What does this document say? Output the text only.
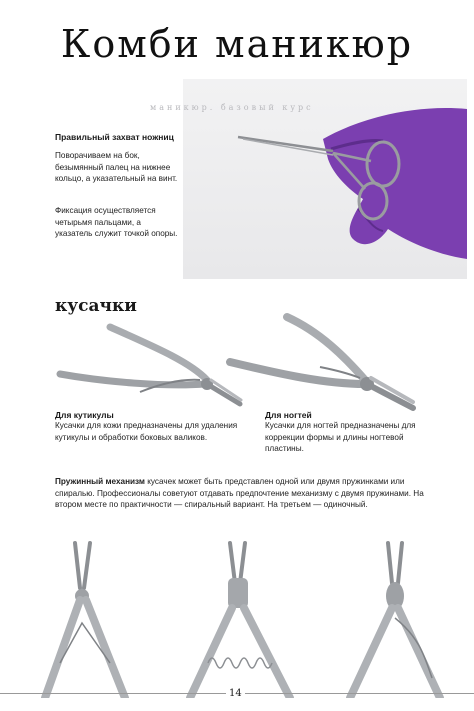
Комби маникюр
маникюр. базовый курс
Правильный захват ножниц
Поворачиваем на бок, безымянный палец на нижнее кольцо, а указательный на винт.
Фиксация осуществляется четырьмя пальцами, а указатель служит точкой опоры.
кусачки
Для кутикулы
Кусачки для кожи предназначены для удаления кутикулы и обработки боковых валиков.
Для ногтей
Кусачки для ногтей предназначены для коррекции формы и длины ногтевой пластины.
Пружинный механизм кусачек может быть представлен одной или двумя пружинками или спиралью. Профессионалы советуют отдавать предпочтение механизму с двумя пружинами. На втором месте по практичности — спиральный вариант. На третьем — одиночный.
14
